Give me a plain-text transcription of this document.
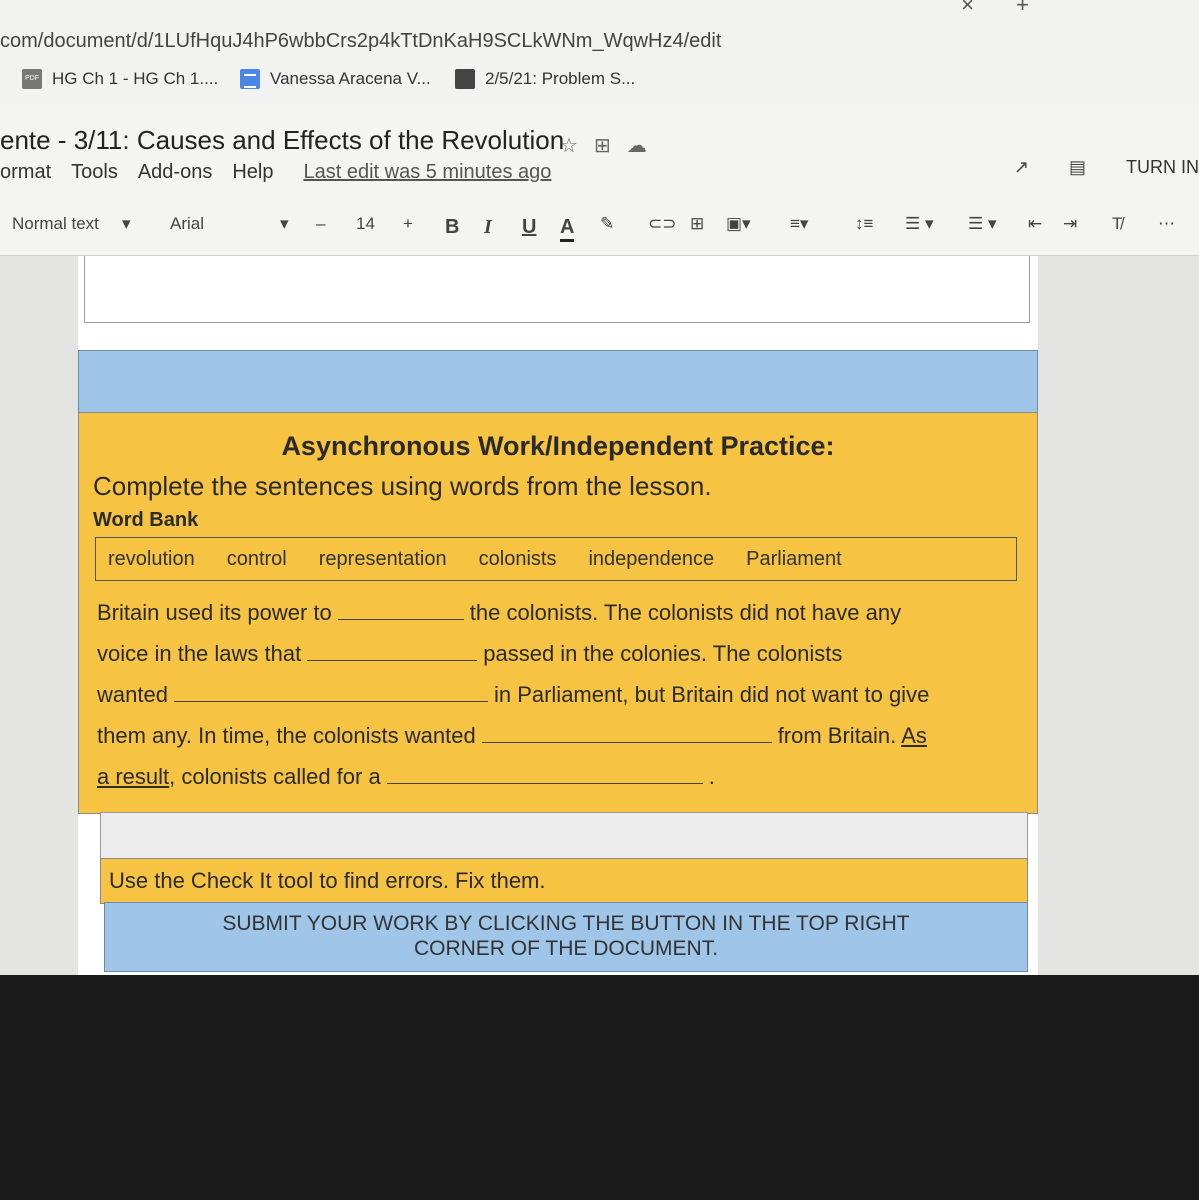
com/document/d/1LUfHquJ4hP6wbbCrs2p4kTtDnKaH9SCLkWNm_WqwHz4/edit
× +
PDF HG Ch 1 - HG Ch 1....	Vanessa Aracena V...	2/5/21: Problem S...
ente - 3/11: Causes and Effects of the Revolution
☆ ⊞ ☁
ormat Tools Add-ons Help Last edit was 5 minutes ago	↗ ▤ TURN IN
Normal text ▾ Arial	▾ – 14 + B I U A ✎ ⊂⊃ ⊞ ▣▾ ≡▾	↕≡ ☰ ▾ ☰ ▾ ⇤ ⇥ T̸ ⋯
Asynchronous Work/Independent Practice:
Complete the sentences using words from the lesson.
Word Bank
revolution control representation colonists independence Parliament
Britain used its power to	the colonists. The colonists did not have any
voice in the laws that	passed in the colonies. The colonists
wanted	in Parliament, but Britain did not want to give
them any. In time, the colonists wanted	from Britain. As
a result, colonists called for a	.
Use the Check It tool to find errors. Fix them.
SUBMIT YOUR WORK BY CLICKING THE BUTTON IN THE TOP RIGHT
CORNER OF THE DOCUMENT.
